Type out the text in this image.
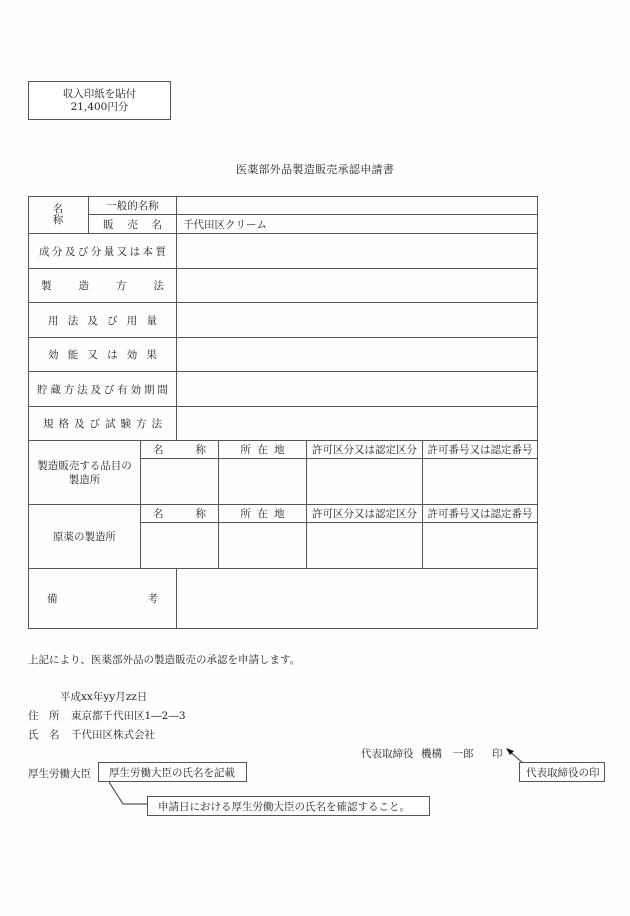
収入印紙を貼付
21,400円分
医薬部外品製造販売承認申請書
名
称
一般的名称
販 売 名	千代田区クリーム
成 分 及 び 分 量 又 は 本 質
製	造	方	法
用 法 及 び 用 量
効 能 又 は 効 果
貯 蔵 方 法 及 び 有 効 期 間
規 格 及 び 試 験 方 法
製造販売する品目の
製造所
名	称	所 在 地	許可区分又は認定区分	許可番号又は認定番号
原薬の製造所
名	称	所 在 地	許可区分又は認定区分	許可番号又は認定番号
備	考
上記により、医薬部外品の製造販売の承認を申請します。
平成xx年yy月zz日
住　所 東京都千代田区1―2―3
氏　名 千代田区株式会社
代表取締役 機構　一郎 印
代表取締役の印
厚生労働大臣	厚生労働大臣の氏名を記載
申請日における厚生労働大臣の氏名を確認すること。
